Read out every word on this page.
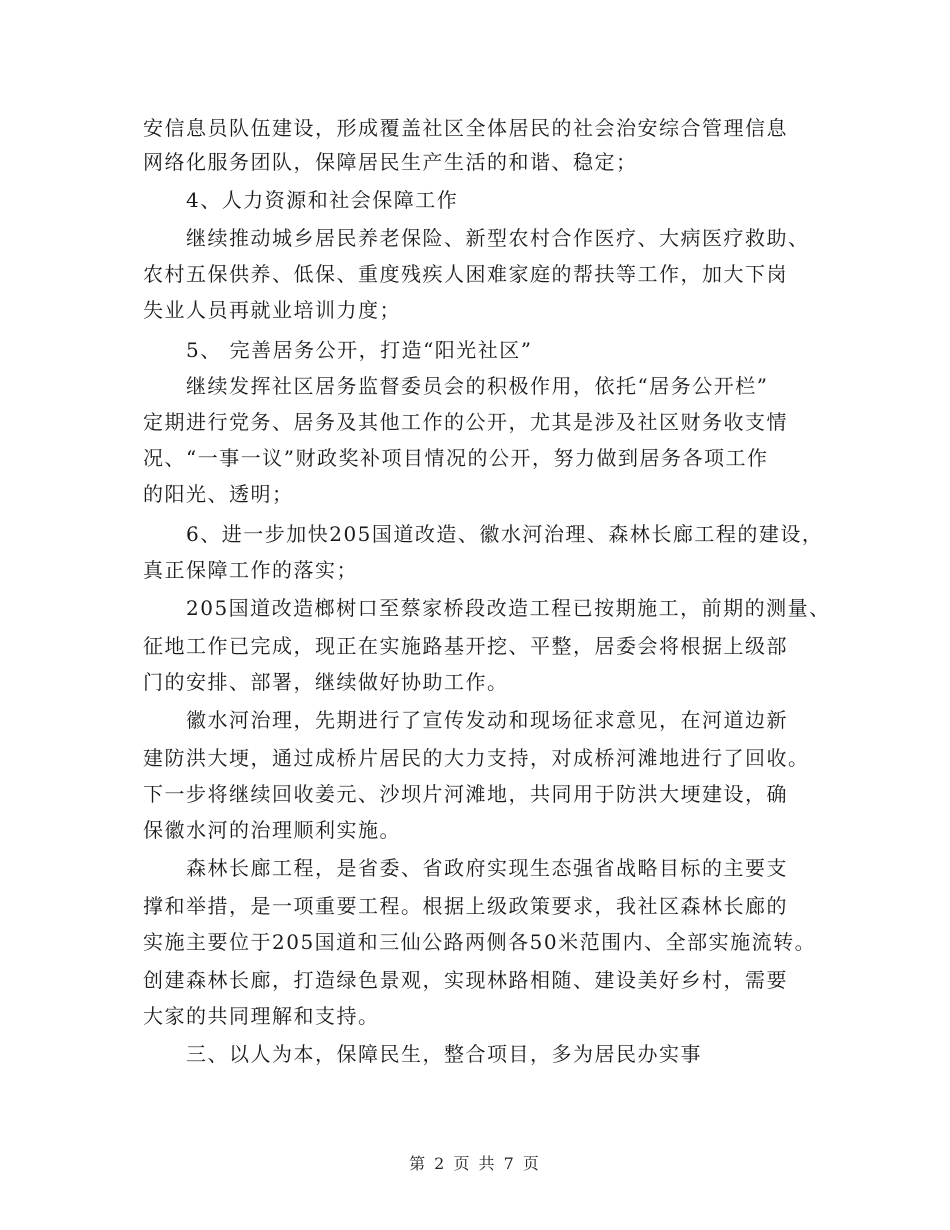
安信息员队伍建设，形成覆盖社区全体居民的社会治安综合管理信息
网络化服务团队，保障居民生产生活的和谐、稳定；
4、人力资源和社会保障工作
继续推动城乡居民养老保险、新型农村合作医疗、大病医疗救助、
农村五保供养、低保、重度残疾人困难家庭的帮扶等工作，加大下岗
失业人员再就业培训力度；
5、 完善居务公开，打造“阳光社区”
继续发挥社区居务监督委员会的积极作用，依托“居务公开栏”
定期进行党务、居务及其他工作的公开，尤其是涉及社区财务收支情
况、“一事一议”财政奖补项目情况的公开，努力做到居务各项工作
的阳光、透明；
6、进一步加快205国道改造、徽水河治理、森林长廊工程的建设，
真正保障工作的落实；
205国道改造榔树口至蔡家桥段改造工程已按期施工，前期的测量、
征地工作已完成，现正在实施路基开挖、平整，居委会将根据上级部
门的安排、部署，继续做好协助工作。
徽水河治理，先期进行了宣传发动和现场征求意见，在河道边新
建防洪大埂，通过成桥片居民的大力支持，对成桥河滩地进行了回收。
下一步将继续回收姜元、沙坝片河滩地，共同用于防洪大埂建设，确
保徽水河的治理顺利实施。
森林长廊工程，是省委、省政府实现生态强省战略目标的主要支
撑和举措，是一项重要工程。根据上级政策要求，我社区森林长廊的
实施主要位于205国道和三仙公路两侧各50米范围内、全部实施流转。
创建森林长廊，打造绿色景观，实现林路相随、建设美好乡村，需要
大家的共同理解和支持。
三、以人为本，保障民生，整合项目，多为居民办实事
第 2 页 共 7 页
